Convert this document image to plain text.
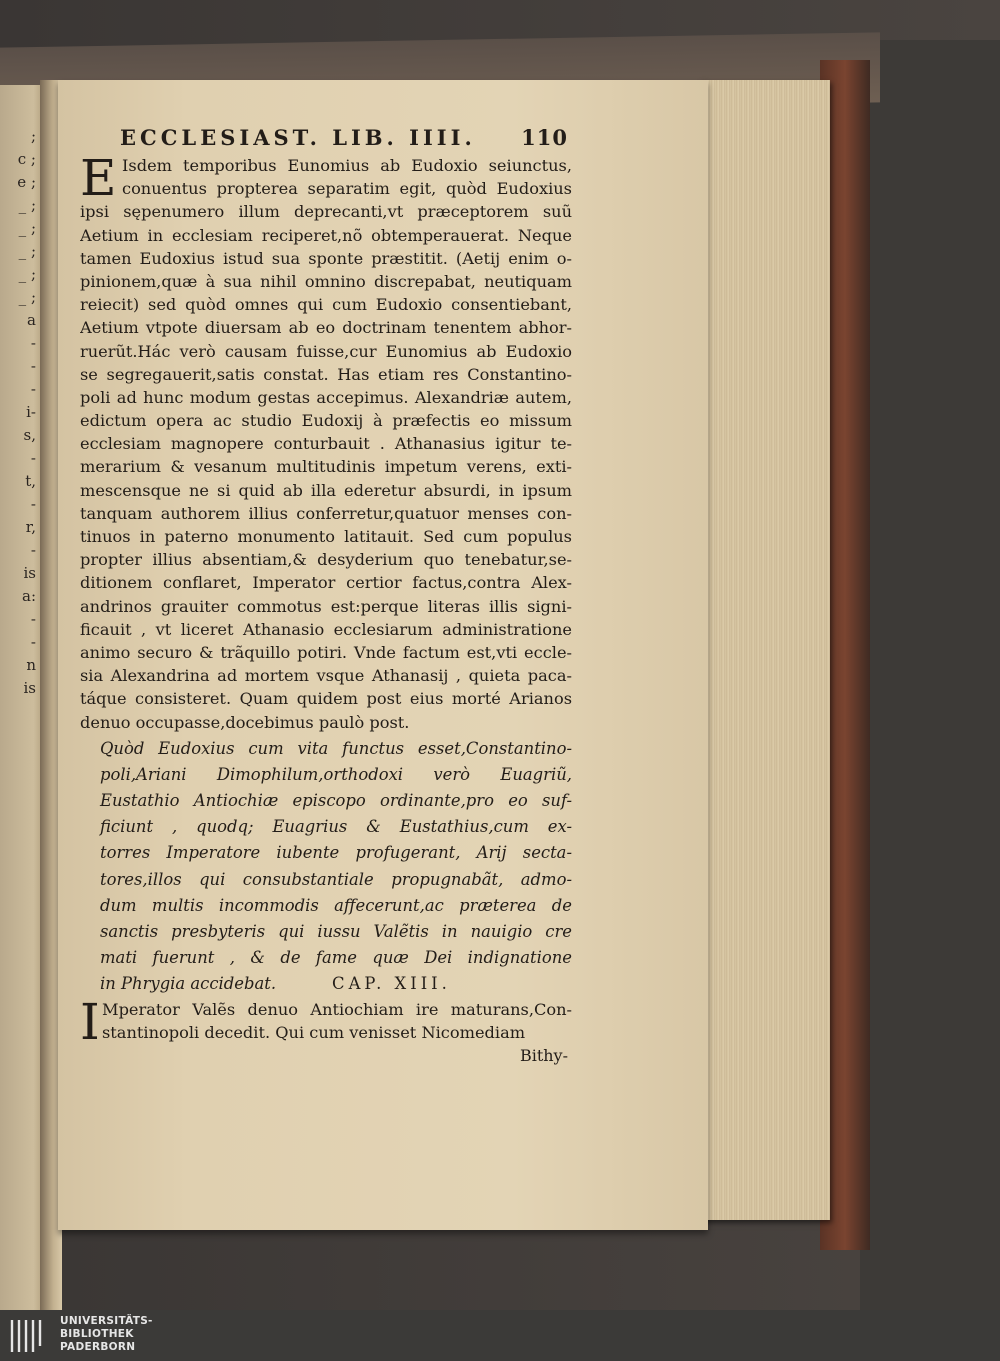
;
c ;
e ;
_ ;
_ ;
_ ;
_ ;
_ ;
a
-
-
-
i-
s,
-
t,
-
r,
-
is
a:
-
-
n
is
ECCLESIAST. LIB. IIII. 110
E Isdem temporibus Eunomius ab Eudoxio seiunctus,
conuentus propterea separatim egit, quòd Eudoxius
ipsi sępenumero illum deprecanti,vt præceptorem suũ
Aetium in ecclesiam reciperet,nõ obtemperauerat. Neque
tamen Eudoxius istud sua sponte præstitit. (Aetij enim o-
pinionem,quæ à sua nihil omnino discrepabat, neutiquam
reiecit) sed quòd omnes qui cum Eudoxio consentiebant,
Aetium vtpote diuersam ab eo doctrinam tenentem abhor-
ruerũt.Hác verò causam fuisse,cur Eunomius ab Eudoxio
se segregauerit,satis constat. Has etiam res Constantino-
poli ad hunc modum gestas accepimus. Alexandriæ autem,
edictum opera ac studio Eudoxij à præfectis eo missum
ecclesiam magnopere conturbauit . Athanasius igitur te-
merarium & vesanum multitudinis impetum verens, exti-
mescensque ne si quid ab illa ederetur absurdi, in ipsum
tanquam authorem illius conferretur,quatuor menses con-
tinuos in paterno monumento latitauit. Sed cum populus
propter illius absentiam,& desyderium quo tenebatur,se-
ditionem conflaret, Imperator certior factus,contra Alex-
andrinos grauiter commotus est:perque literas illis signi-
ficauit , vt liceret Athanasio ecclesiarum administratione
animo securo & trãquillo potiri. Vnde factum est,vti eccle-
sia Alexandrina ad mortem vsque Athanasij , quieta paca-
táque consisteret. Quam quidem post eius morté Arianos
denuo occupasse,docebimus paulò post.
Quòd Eudoxius cum vita functus esset,Constantino-
poli,Ariani Dimophilum,orthodoxi verò Euagriũ,
Eustathio Antiochiæ episcopo ordinante,pro eo suf-
ficiunt , quodq; Euagrius & Eustathius,cum ex-
torres Imperatore iubente profugerant, Arij secta-
tores,illos qui consubstantiale propugnabãt, admo-
dum multis incommodis affecerunt,ac præterea de
sanctis presbyteris qui iussu Valẽtis in nauigio cre
mati fuerunt , & de fame quæ Dei indignatione
in Phrygia accidebat.	CAP. XIII.
I Mperator Valẽs denuo Antiochiam ire maturans,Con-
stantinopoli decedit. Qui cum venisset Nicomediam
Bithy-
UNIVERSITÄTS-
BIBLIOTHEK
PADERBORN
